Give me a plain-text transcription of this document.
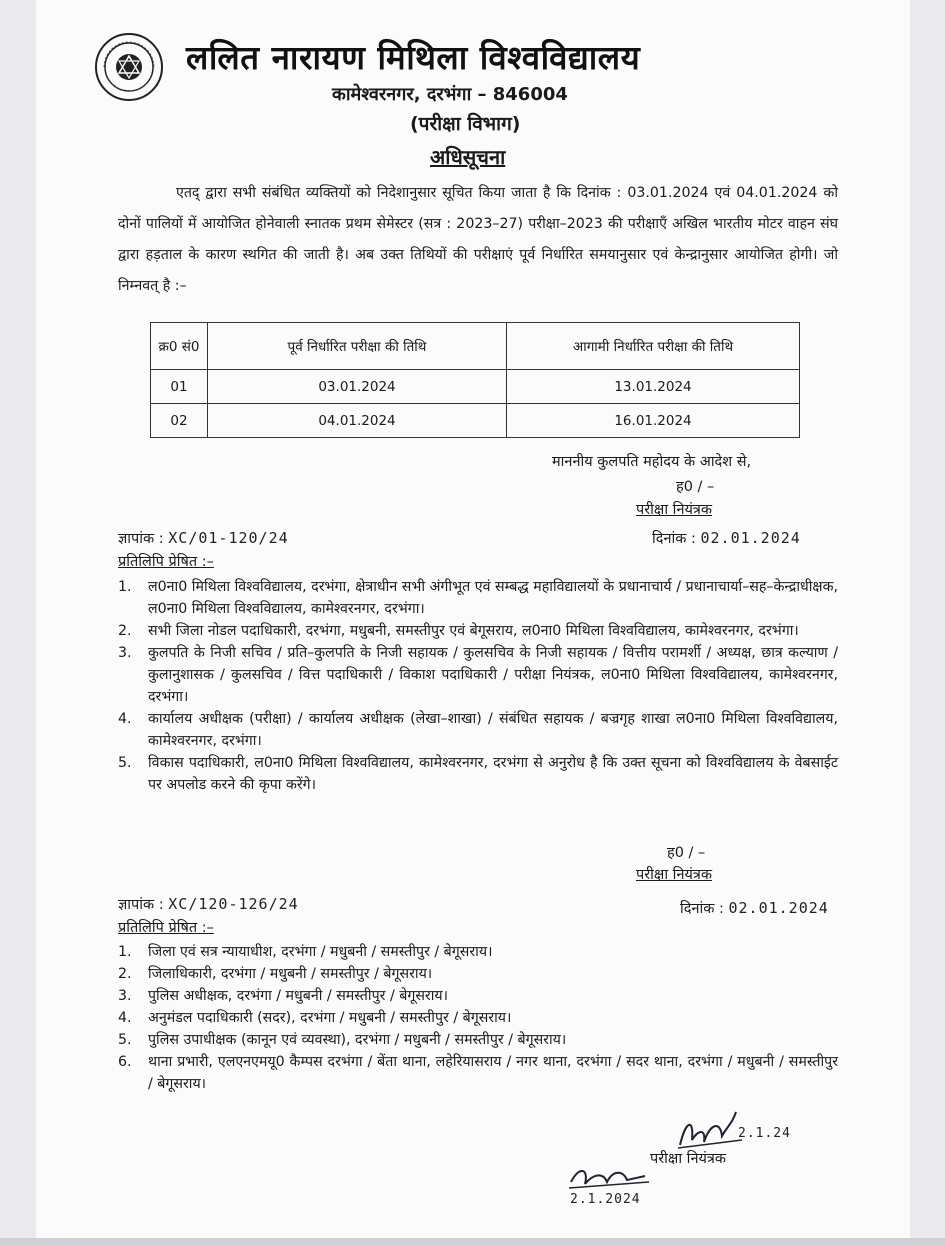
ललित नारायण मिथिला विश्वविद्यालय
कामेश्वरनगर, दरभंगा – 846004
(परीक्षा विभाग)
अधिसूचना
एतद् द्वारा सभी संबंधित व्यक्तियों को निदेशानुसार सूचित किया जाता है कि दिनांक : 03.01.2024 एवं 04.01.2024 को दोनों पालियों में आयोजित होनेवाली स्नातक प्रथम सेमेस्टर (सत्र : 2023–27) परीक्षा–2023 की परीक्षाएँ अखिल भारतीय मोटर वाहन संघ द्वारा हड़ताल के कारण स्थगित की जाती है। अब उक्त तिथियों की परीक्षाएं पूर्व निर्धारित समयानुसार एवं केन्द्रानुसार आयोजित होगी। जो निम्नवत् है :–
क्र0 सं0	पूर्व निर्धारित परीक्षा की तिथि	आगामी निर्धारित परीक्षा की तिथि
01	03.01.2024	13.01.2024
02	04.01.2024	16.01.2024
माननीय कुलपति महोदय के आदेश से,
ह0 / –
परीक्षा नियंत्रक
ज्ञापांक : XC/01-120/24	दिनांक : 02.01.2024
प्रतिलिपि प्रेषित :–
1. ल0ना0 मिथिला विश्वविद्यालय, दरभंगा, क्षेत्राधीन सभी अंगीभूत एवं सम्बद्ध महाविद्यालयों के प्रधानाचार्य / प्रधानाचार्या–सह–केन्द्राधीक्षक, ल0ना0 मिथिला विश्वविद्यालय, कामेश्वरनगर, दरभंगा।
2. सभी जिला नोडल पदाधिकारी, दरभंगा, मधुबनी, समस्तीपुर एवं बेगूसराय, ल0ना0 मिथिला विश्वविद्यालय, कामेश्वरनगर, दरभंगा।
3. कुलपति के निजी सचिव / प्रति–कुलपति के निजी सहायक / कुलसचिव के निजी सहायक / वित्तीय परामर्शी / अध्यक्ष, छात्र कल्याण / कुलानुशासक / कुलसचिव / वित्त पदाधिकारी / विकाश पदाधिकारी / परीक्षा नियंत्रक, ल0ना0 मिथिला विश्वविद्यालय, कामेश्वरनगर, दरभंगा।
4. कार्यालय अधीक्षक (परीक्षा) / कार्यालय अधीक्षक (लेखा–शाखा) / संबंधित सहायक / बज्रगृह शाखा ल0ना0 मिथिला विश्वविद्यालय, कामेश्वरनगर, दरभंगा।
5. विकास पदाधिकारी, ल0ना0 मिथिला विश्वविद्यालय, कामेश्वरनगर, दरभंगा से अनुरोध है कि उक्त सूचना को विश्वविद्यालय के वेबसाईट पर अपलोड करने की कृपा करेंगे।
ह0 / –
परीक्षा नियंत्रक
ज्ञापांक : XC/120-126/24	दिनांक : 02.01.2024
प्रतिलिपि प्रेषित :–
1. जिला एवं सत्र न्यायाधीश, दरभंगा / मधुबनी / समस्तीपुर / बेगूसराय।
2. जिलाधिकारी, दरभंगा / मधुबनी / समस्तीपुर / बेगूसराय।
3. पुलिस अधीक्षक, दरभंगा / मधुबनी / समस्तीपुर / बेगूसराय।
4. अनुमंडल पदाधिकारी (सदर), दरभंगा / मधुबनी / समस्तीपुर / बेगूसराय।
5. पुलिस उपाधीक्षक (कानून एवं व्यवस्था), दरभंगा / मधुबनी / समस्तीपुर / बेगूसराय।
6. थाना प्रभारी, एलएनएमयू0 कैम्पस दरभंगा / बेंता थाना, लहेरियासराय / नगर थाना, दरभंगा / सदर थाना, दरभंगा / मधुबनी / समस्तीपुर / बेगूसराय।
2.1.24
परीक्षा नियंत्रक
2.1.2024
